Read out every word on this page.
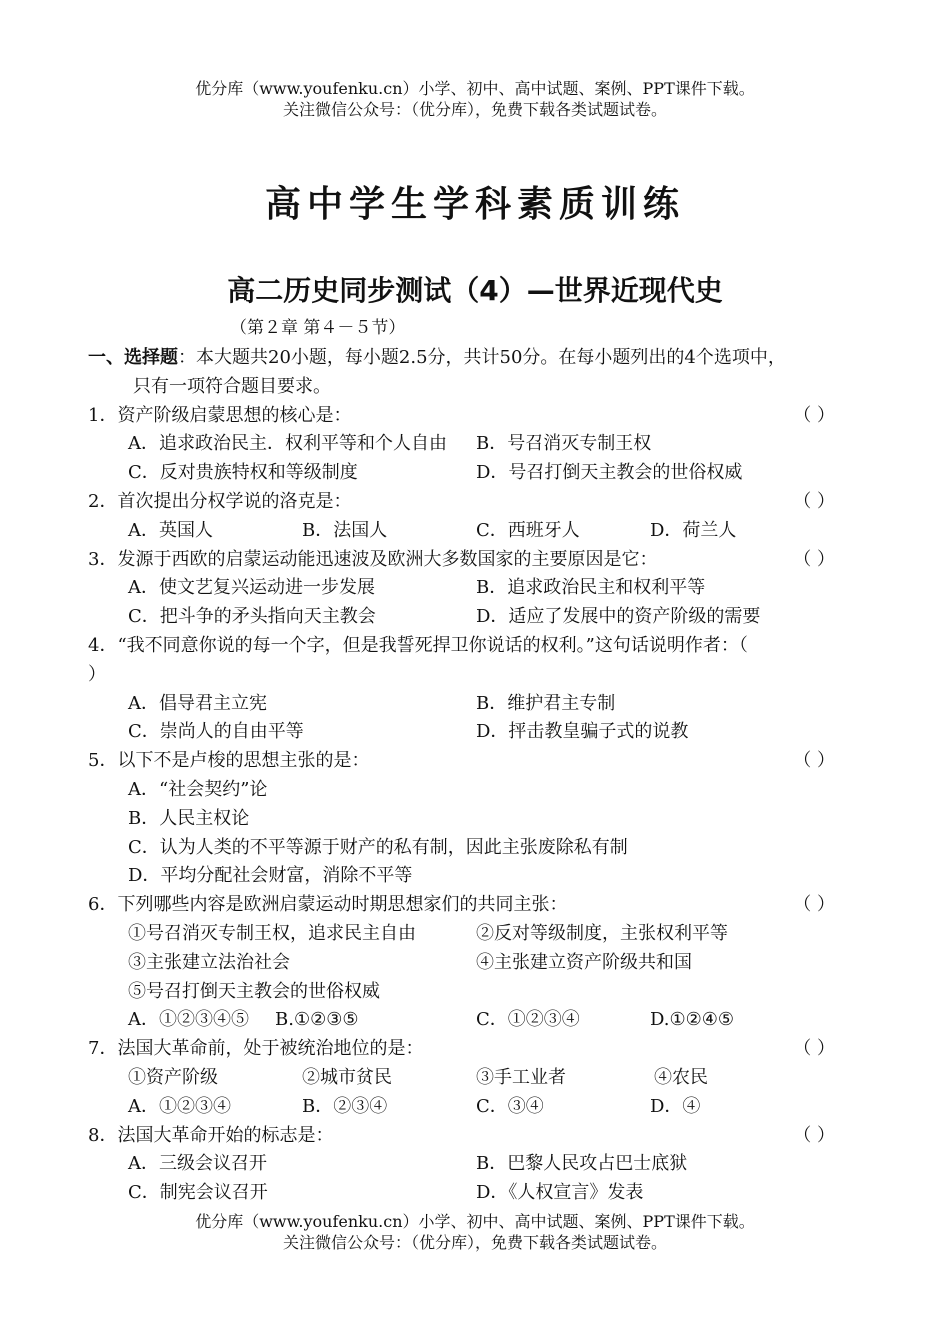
优分库（www.youfenku.cn）小学、初中、高中试题、案例、PPT课件下载。
关注微信公众号：（优分库），免费下载各类试题试卷。
高中学生学科素质训练
高二历史同步测试（4）—世界近现代史
（第２章 第４－５节）
一、选择题：本大题共20小题，每小题2.5分，共计50分。在每小题列出的4个选项中，
只有一项符合题目要求。
1．资产阶级启蒙思想的核心是：	（ ）
A．追求政治民主．权利平等和个人自由 B．号召消灭专制王权
C．反对贵族特权和等级制度	D．号召打倒天主教会的世俗权威
2．首次提出分权学说的洛克是：	（ ）
A．英国人	B．法国人	C．西班牙人	D．荷兰人
3．发源于西欧的启蒙运动能迅速波及欧洲大多数国家的主要原因是它：	（ ）
A．使文艺复兴运动进一步发展	B．追求政治民主和权利平等
C．把斗争的矛头指向天主教会	D．适应了发展中的资产阶级的需要
4．“我不同意你说的每一个字，但是我誓死捍卫你说话的权利。”这句话说明作者：（
）
A．倡导君主立宪	B．维护君主专制
C．崇尚人的自由平等	D．抨击教皇骗子式的说教
5．以下不是卢梭的思想主张的是：	（ ）
A．“社会契约”论
B．人民主权论
C．认为人类的不平等源于财产的私有制，因此主张废除私有制
D．平均分配社会财富，消除不平等
6．下列哪些内容是欧洲启蒙运动时期思想家们的共同主张：	（ ）
①号召消灭专制王权，追求民主自由	②反对等级制度，主张权利平等
③主张建立法治社会	④主张建立资产阶级共和国
⑤号召打倒天主教会的世俗权威
A．①②③④⑤ B.①②③⑤	C．①②③④	D.①②④⑤
7．法国大革命前，处于被统治地位的是：	（ ）
①资产阶级	②城市贫民	③手工业者	④农民
A．①②③④	B．②③④	C．③④	D．④
8．法国大革命开始的标志是：	（ ）
A．三级会议召开	B．巴黎人民攻占巴士底狱
C．制宪会议召开	D．《人权宣言》发表
优分库（www.youfenku.cn）小学、初中、高中试题、案例、PPT课件下载。
关注微信公众号：（优分库），免费下载各类试题试卷。
